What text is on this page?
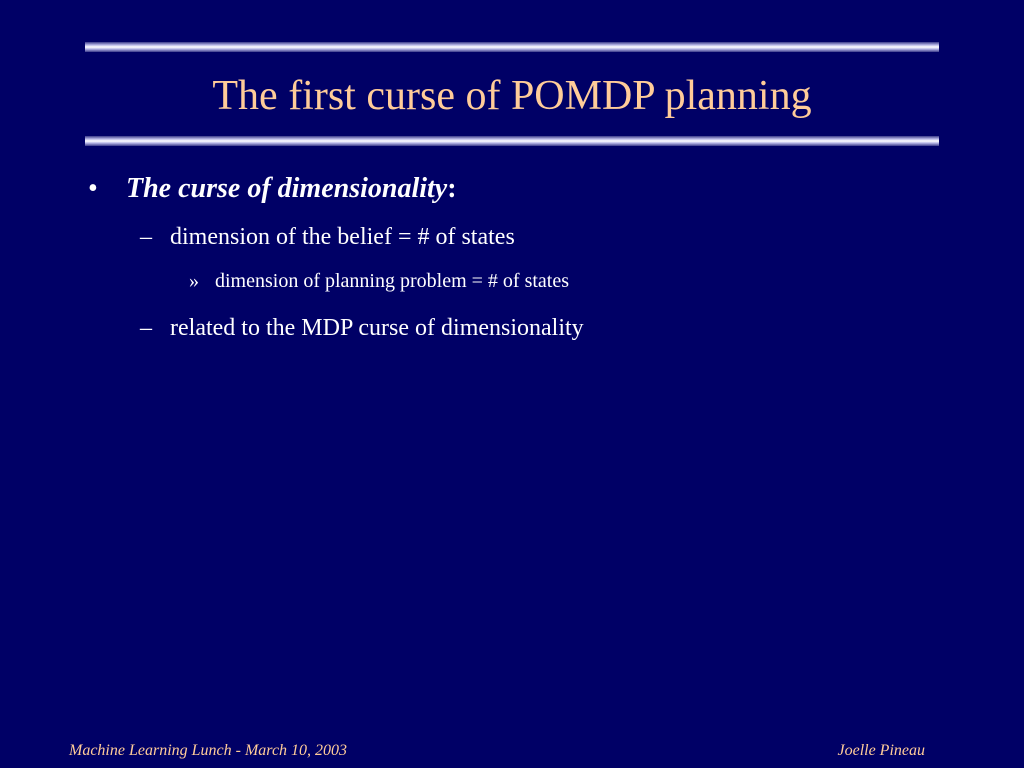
The first curse of POMDP planning
• The curse of dimensionality:
– dimension of the belief = # of states
» dimension of planning problem = # of states
– related to the MDP curse of dimensionality
Machine Learning Lunch - March 10, 2003	Joelle Pineau
